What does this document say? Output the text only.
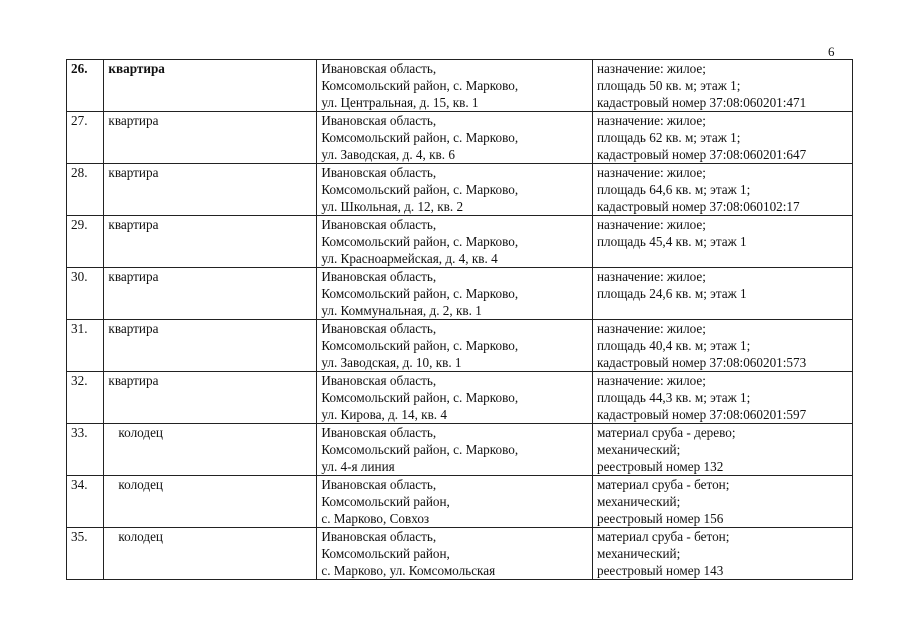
6
26.	квартира	Ивановская область,
Комсомольский район, с. Марково,
ул. Центральная, д. 15, кв. 1	назначение: жилое;
площадь 50 кв. м; этаж 1;
кадастровый номер 37:08:060201:471

27.	квартира	Ивановская область,
Комсомольский район, с. Марково,
ул. Заводская, д. 4, кв. 6	назначение: жилое;
площадь 62 кв. м; этаж 1;
кадастровый номер 37:08:060201:647

28.	квартира	Ивановская область,
Комсомольский район, с. Марково,
ул. Школьная, д. 12, кв. 2	назначение: жилое;
площадь 64,6 кв. м; этаж 1;
кадастровый номер 37:08:060102:17

29.	квартира	Ивановская область,
Комсомольский район, с. Марково,
ул. Красноармейская, д. 4, кв. 4	назначение: жилое;
площадь 45,4 кв. м; этаж 1

30.	квартира	Ивановская область,
Комсомольский район, с. Марково,
ул. Коммунальная, д. 2, кв. 1	назначение: жилое;
площадь 24,6 кв. м; этаж 1

31.	квартира	Ивановская область,
Комсомольский район, с. Марково,
ул. Заводская, д. 10, кв. 1	назначение: жилое;
площадь 40,4 кв. м; этаж 1;
кадастровый номер 37:08:060201:573

32.	квартира	Ивановская область,
Комсомольский район, с. Марково,
ул. Кирова, д. 14, кв. 4	назначение: жилое;
площадь 44,3 кв. м; этаж 1;
кадастровый номер 37:08:060201:597

33.	колодец	Ивановская область,
Комсомольский район, с. Марково,
ул. 4-я линия	материал сруба - дерево;
механический;
реестровый номер 132

34.	колодец	Ивановская область,
Комсомольский район,
с. Марково, Совхоз	материал сруба - бетон;
механический;
реестровый номер 156

35.	колодец	Ивановская область,
Комсомольский район,
с. Марково, ул. Комсомольская	материал сруба - бетон;
механический;
реестровый номер 143
